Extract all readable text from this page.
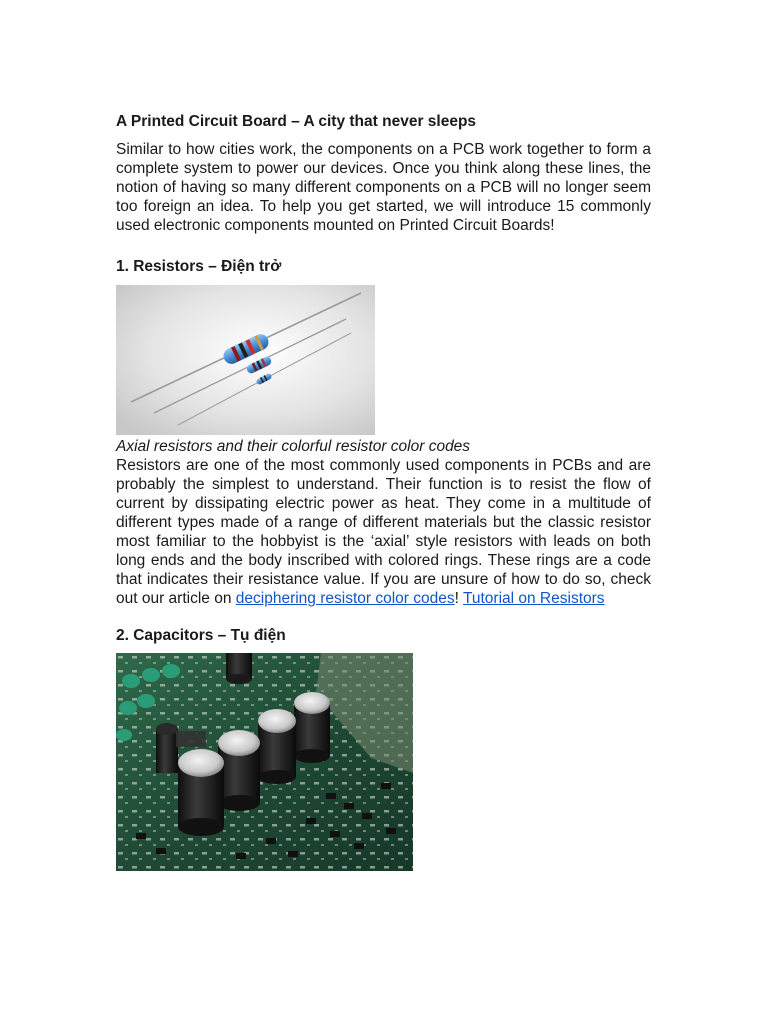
A Printed Circuit Board – A city that never sleeps

Similar to how cities work, the components on a PCB work together to form a complete system to power our devices. Once you think along these lines, the notion of having so many different components on a PCB will no longer seem too foreign an idea. To help you get started, we will introduce 15 commonly used electronic components mounted on Printed Circuit Boards!

1. Resistors – Điện trở

Axial resistors and their colorful resistor color codes

Resistors are one of the most commonly used components in PCBs and are probably the simplest to understand. Their function is to resist the flow of current by dissipating electric power as heat. They come in a multitude of different types made of a range of different materials but the classic resistor most familiar to the hobbyist is the ‘axial’ style resistors with leads on both long ends and the body inscribed with colored rings. These rings are a code that indicates their resistance value. If you are unsure of how to do so, check out our article on deciphering resistor color codes! Tutorial on Resistors

2. Capacitors – Tụ điện
